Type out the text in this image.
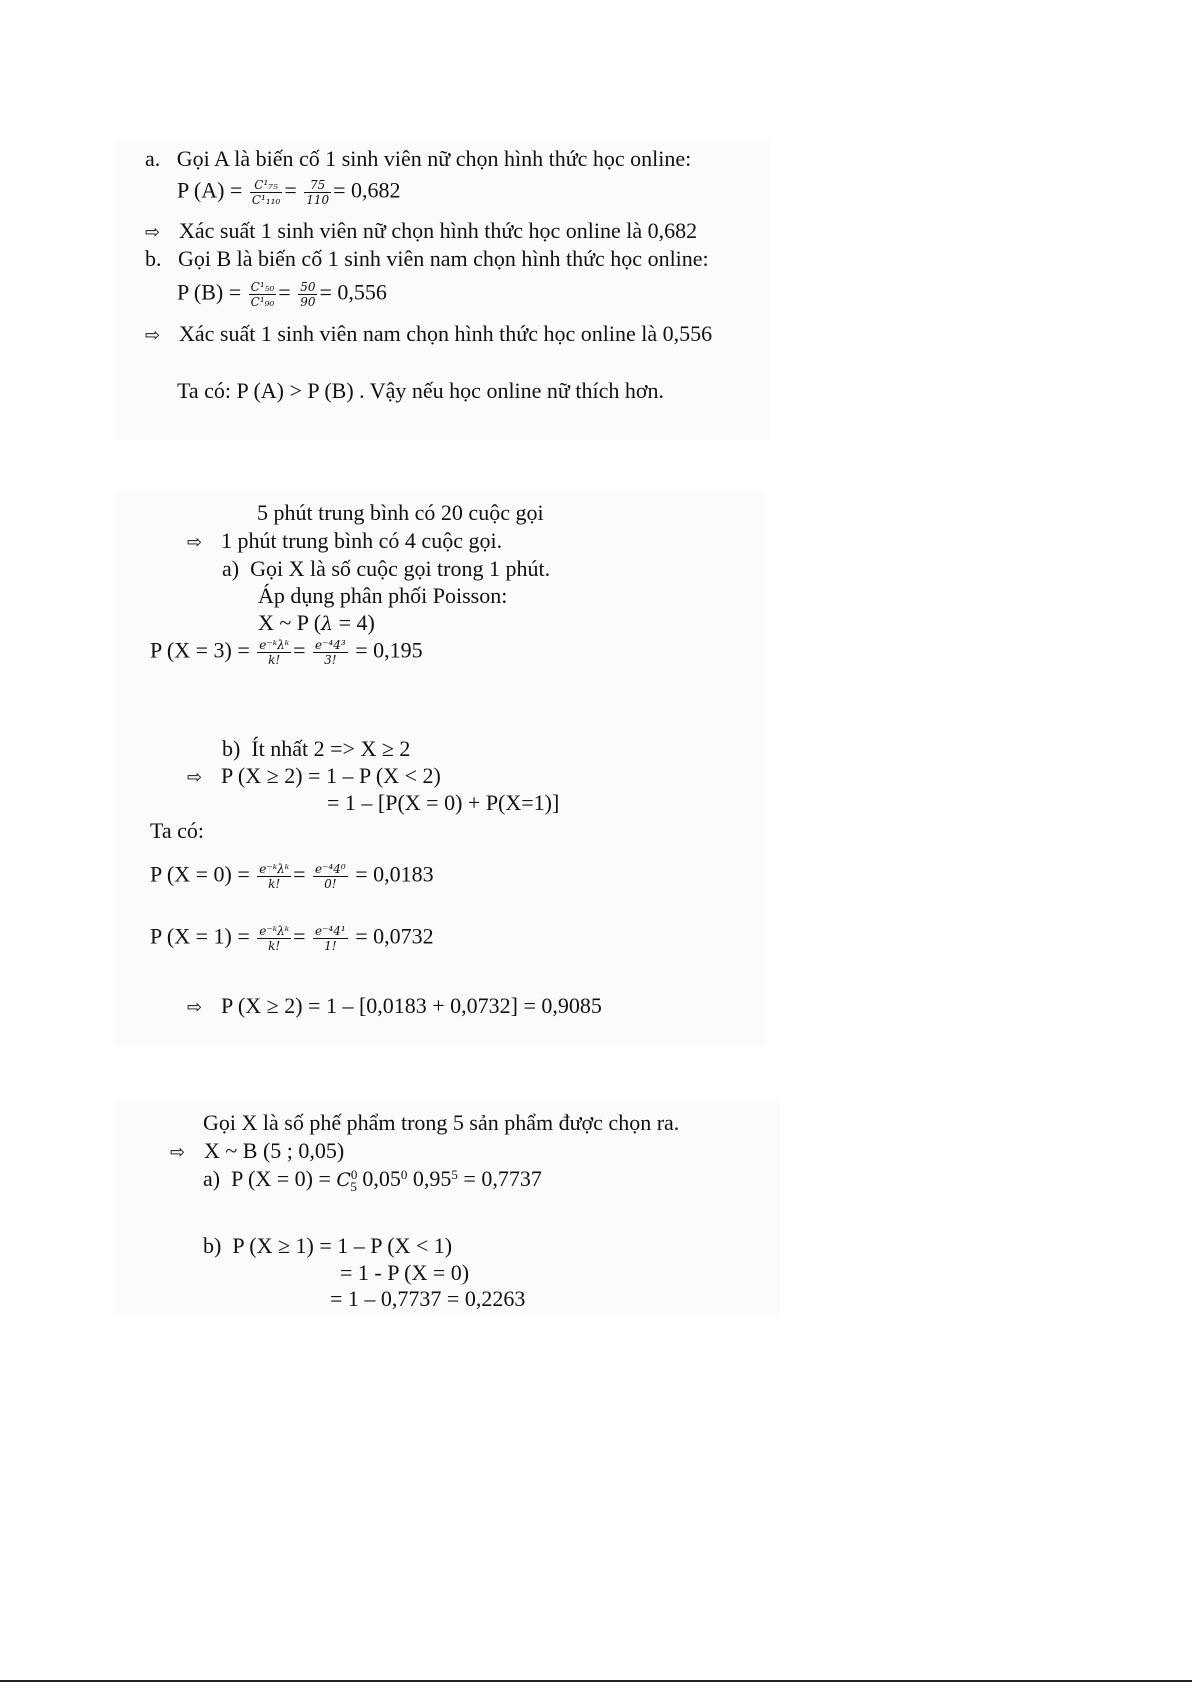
a. Gọi A là biến cố 1 sinh viên nữ chọn hình thức học online:
P $(A) = \frac{\text{C¹₇₅}}{\text{C¹₁₁₀}} = \frac{75}{110} = 0,682$
⇨ Xác suất 1 sinh viên nữ chọn hình thức học online là 0,682
b. Gọi B là biến cố 1 sinh viên nam chọn hình thức học online:
P $(B) = \frac{\text{C¹₅₀}}{\text{C¹₉₀}} = \frac{50}{90} = 0,556$
⇨ Xác suất 1 sinh viên nam chọn hình thức học online là 0,556
Ta có: P (A) > P (B) . Vậy nếu học online nữ thích hơn.
5 phút trung bình có 20 cuộc gọi
⇨ 1 phút trung bình có 4 cuộc gọi.
a) Gọi X là số cuộc gọi trong 1 phút.
Áp dụng phân phối Poisson:
X ~ P (λ = 4)
P $(X = 3) = \frac{\text{e⁻ᵏλᵏ}}{k!} = \frac{\text{e⁻⁴4³}}{3!} = 0,195$
b) Ít nhất 2 => X ≥ 2
⇨ P (X ≥ 2) = 1 – P (X < 2)
= 1 – [P(X = 0) + P(X=1)]
Ta có:
P $(X = 0) = \frac{\text{e⁻ᵏλᵏ}}{k!} = \frac{\text{e⁻⁴4⁰}}{0!} = 0,0183$
P $(X = 1) = \frac{\text{e⁻ᵏλᵏ}}{k!} = \frac{\text{e⁻⁴4¹}}{1!} = 0,0732$
⇨ P (X ≥ 2) = 1 – [0,0183 + 0,0732] = 0,9085
Gọi X là số phế phẩm trong 5 sản phẩm được chọn ra.
⇨ X ~ B (5 ; 0,05)
a) P $(X = 0) = C^0_5$ 0,05$^0$ $0,95^5 = 0,7737$
b) P (X ≥ 1) = 1 – P (X < 1)
= 1 - P (X = 0)
= 1 – 0,7737 = 0,2263
